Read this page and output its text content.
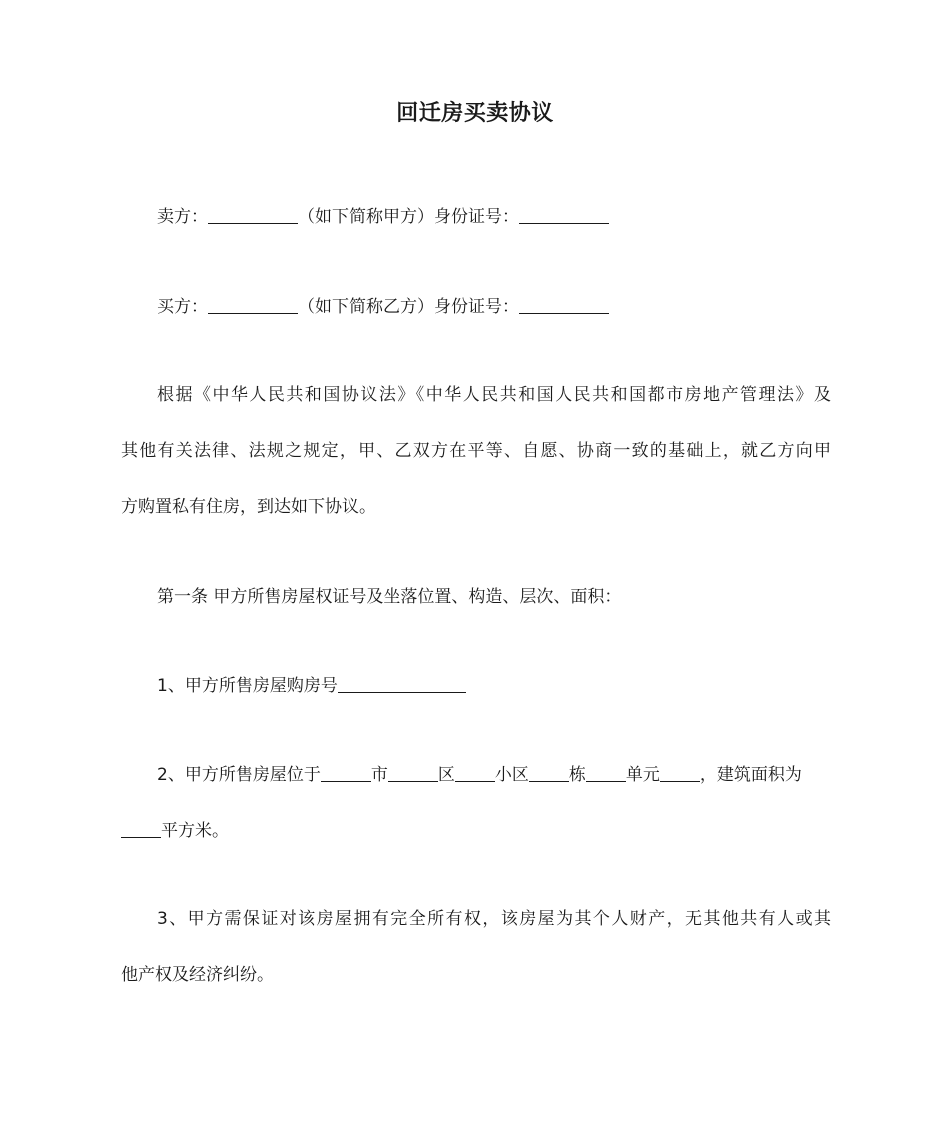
回迁房买卖协议
卖方：	（如下简称甲方）身份证号：
买方：	（如下简称乙方）身份证号：
根据《中华人民共和国协议法》《中华人民共和国人民共和国都市房地产管理法》及
其他有关法律、法规之规定，甲、乙双方在平等、自愿、协商一致的基础上，就乙方向甲
方购置私有住房，到达如下协议。
第一条 甲方所售房屋权证号及坐落位置、构造、层次、面积：
1、甲方所售房屋购房号
2、甲方所售房屋位于	市	区 小区 栋 单元 ，建筑面积为
平方米。
3、甲方需保证对该房屋拥有完全所有权，该房屋为其个人财产，无其他共有人或其
他产权及经济纠纷。
